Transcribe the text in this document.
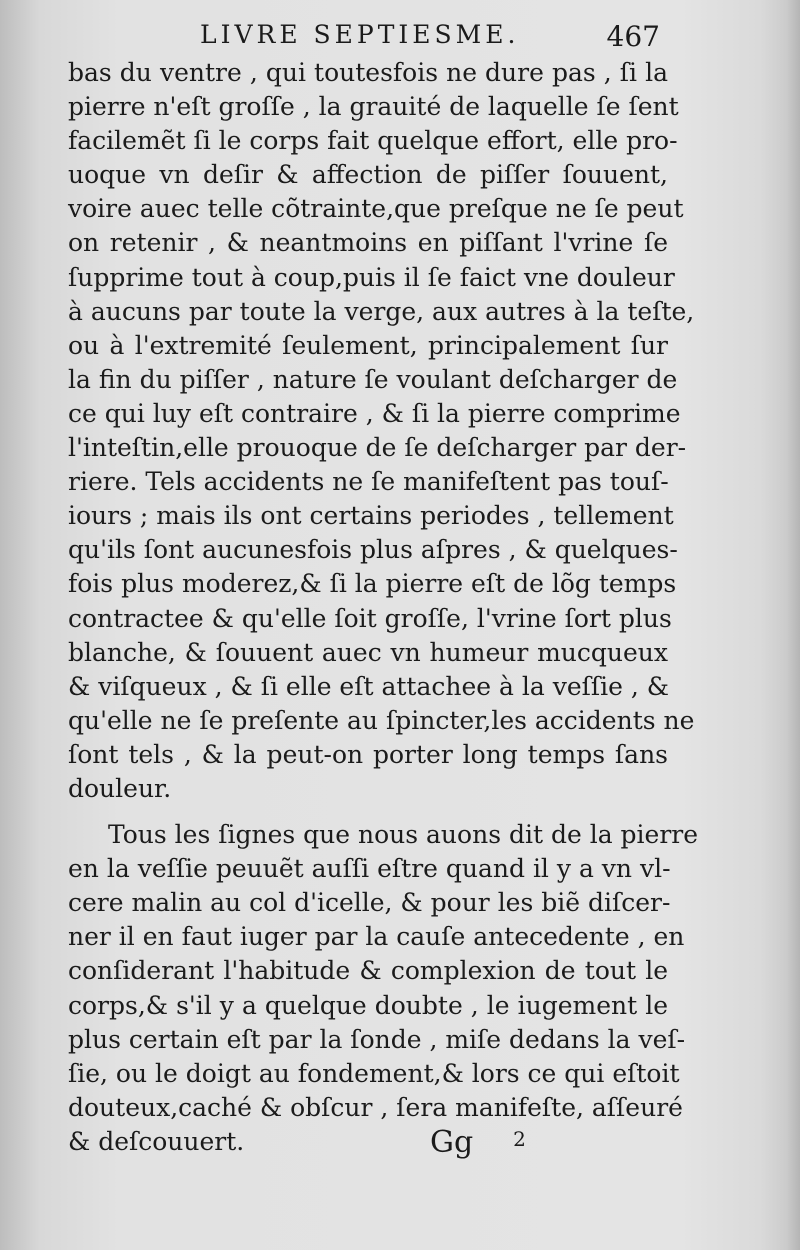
LIVRE SEPTIESME.	467
bas du ventre , qui toutesfois ne dure pas , ſi la
pierre n'eſt groſſe , la grauité de laquelle ſe ſent
facilemẽt ſi le corps fait quelque effort, elle pro-
uoque vn deſir & affection de piſſer ſouuent,
voire auec telle cõtrainte,que preſque ne ſe peut
on retenir , & neantmoins en piſſant l'vrine ſe
ſupprime tout à coup,puis il ſe faict vne douleur
à aucuns par toute la verge, aux autres à la teſte,
ou à l'extremité ſeulement, principalement ſur
la fin du piſſer , nature ſe voulant deſcharger de
ce qui luy eſt contraire , & ſi la pierre comprime
l'inteſtin,elle prouoque de ſe deſcharger par der-
riere. Tels accidents ne ſe manifeſtent pas touſ-
iours ; mais ils ont certains periodes , tellement
qu'ils ſont aucunesfois plus aſpres , & quelques-
fois plus moderez,& ſi la pierre eſt de lõg temps
contractee & qu'elle ſoit groſſe, l'vrine ſort plus
blanche, & ſouuent auec vn humeur mucqueux
& viſqueux , & ſi elle eſt attachee à la veſſie , &
qu'elle ne ſe preſente au ſpincter,les accidents ne
ſont tels , & la peut-on porter long temps ſans
douleur.
Tous les ſignes que nous auons dit de la pierre
en la veſſie peuuẽt auſſi eſtre quand il y a vn vl-
cere malin au col d'icelle, & pour les biẽ diſcer-
ner il en faut iuger par la cauſe antecedente , en
conſiderant l'habitude & complexion de tout le
corps,& s'il y a quelque doubte , le iugement le
plus certain eſt par la ſonde , miſe dedans la veſ-
ſie, ou le doigt au fondement,& lors ce qui eſtoit
douteux,caché & obſcur , ſera manifeſte, aſſeuré
& deſcouuert.	Gg $^2$
